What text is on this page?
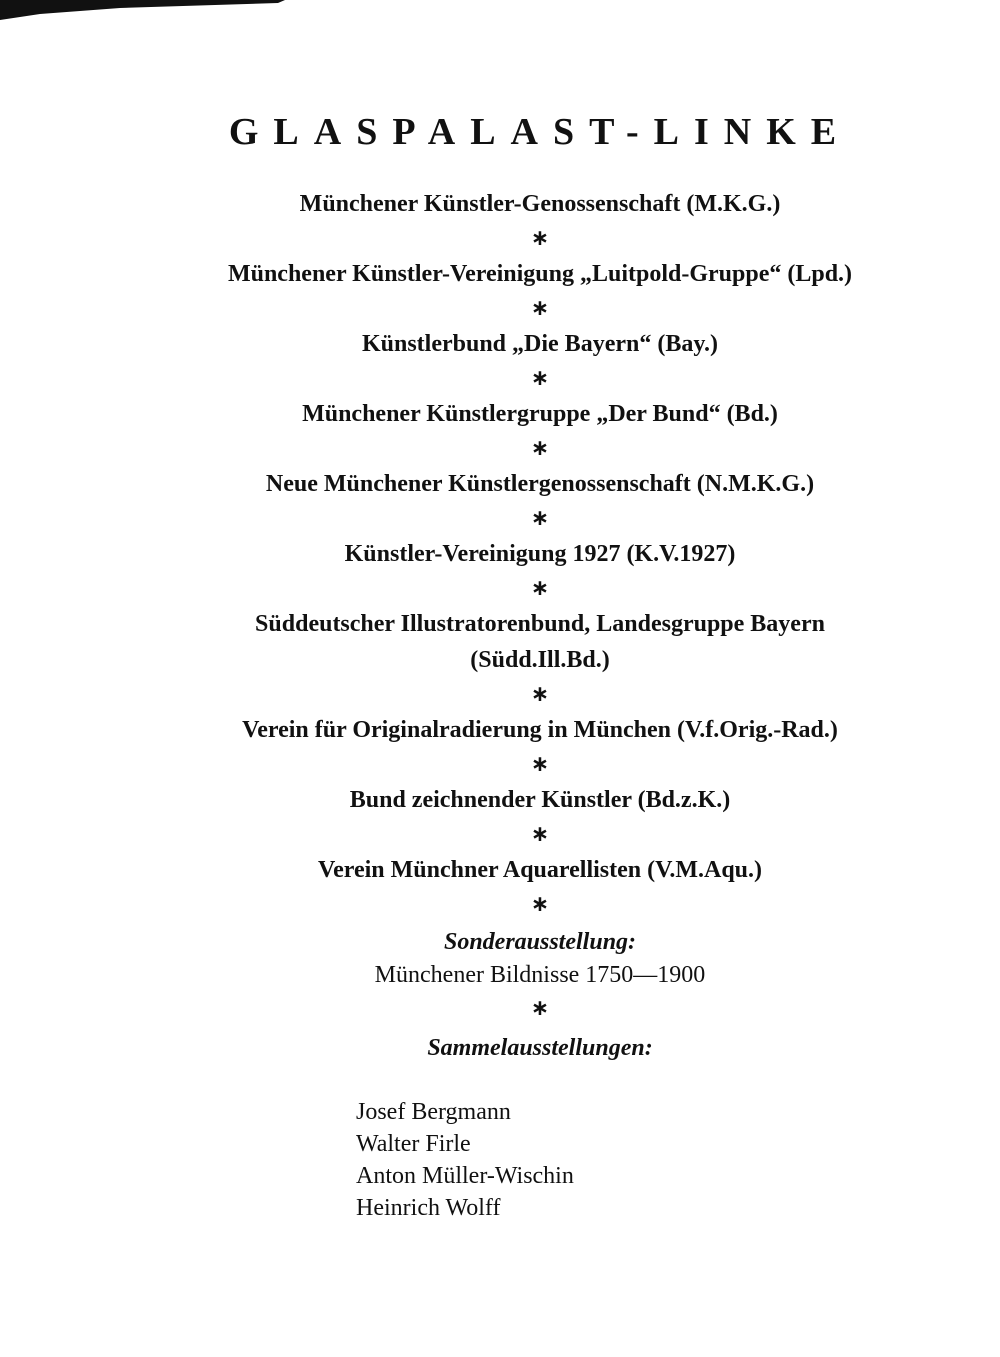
GLASPALAST-LINKE
Münchener Künstler-Genossenschaft (M.K.G.)
∗
Münchener Künstler-Vereinigung „Luitpold-Gruppe“ (Lpd.)
∗
Künstlerbund „Die Bayern“ (Bay.)
∗
Münchener Künstlergruppe „Der Bund“ (Bd.)
∗
Neue Münchener Künstlergenossenschaft (N.M.K.G.)
∗
Künstler-Vereinigung 1927 (K.V.1927)
∗
Süddeutscher Illustratorenbund, Landesgruppe Bayern
(Südd.Ill.Bd.)
∗
Verein für Originalradierung in München (V.f.Orig.-Rad.)
∗
Bund zeichnender Künstler (Bd.z.K.)
∗
Verein Münchner Aquarellisten (V.M.Aqu.)
∗
Sonderausstellung:
Münchener Bildnisse 1750—1900
∗
Sammelausstellungen:
Josef Bergmann
Walter Firle
Anton Müller-Wischin
Heinrich Wolff
